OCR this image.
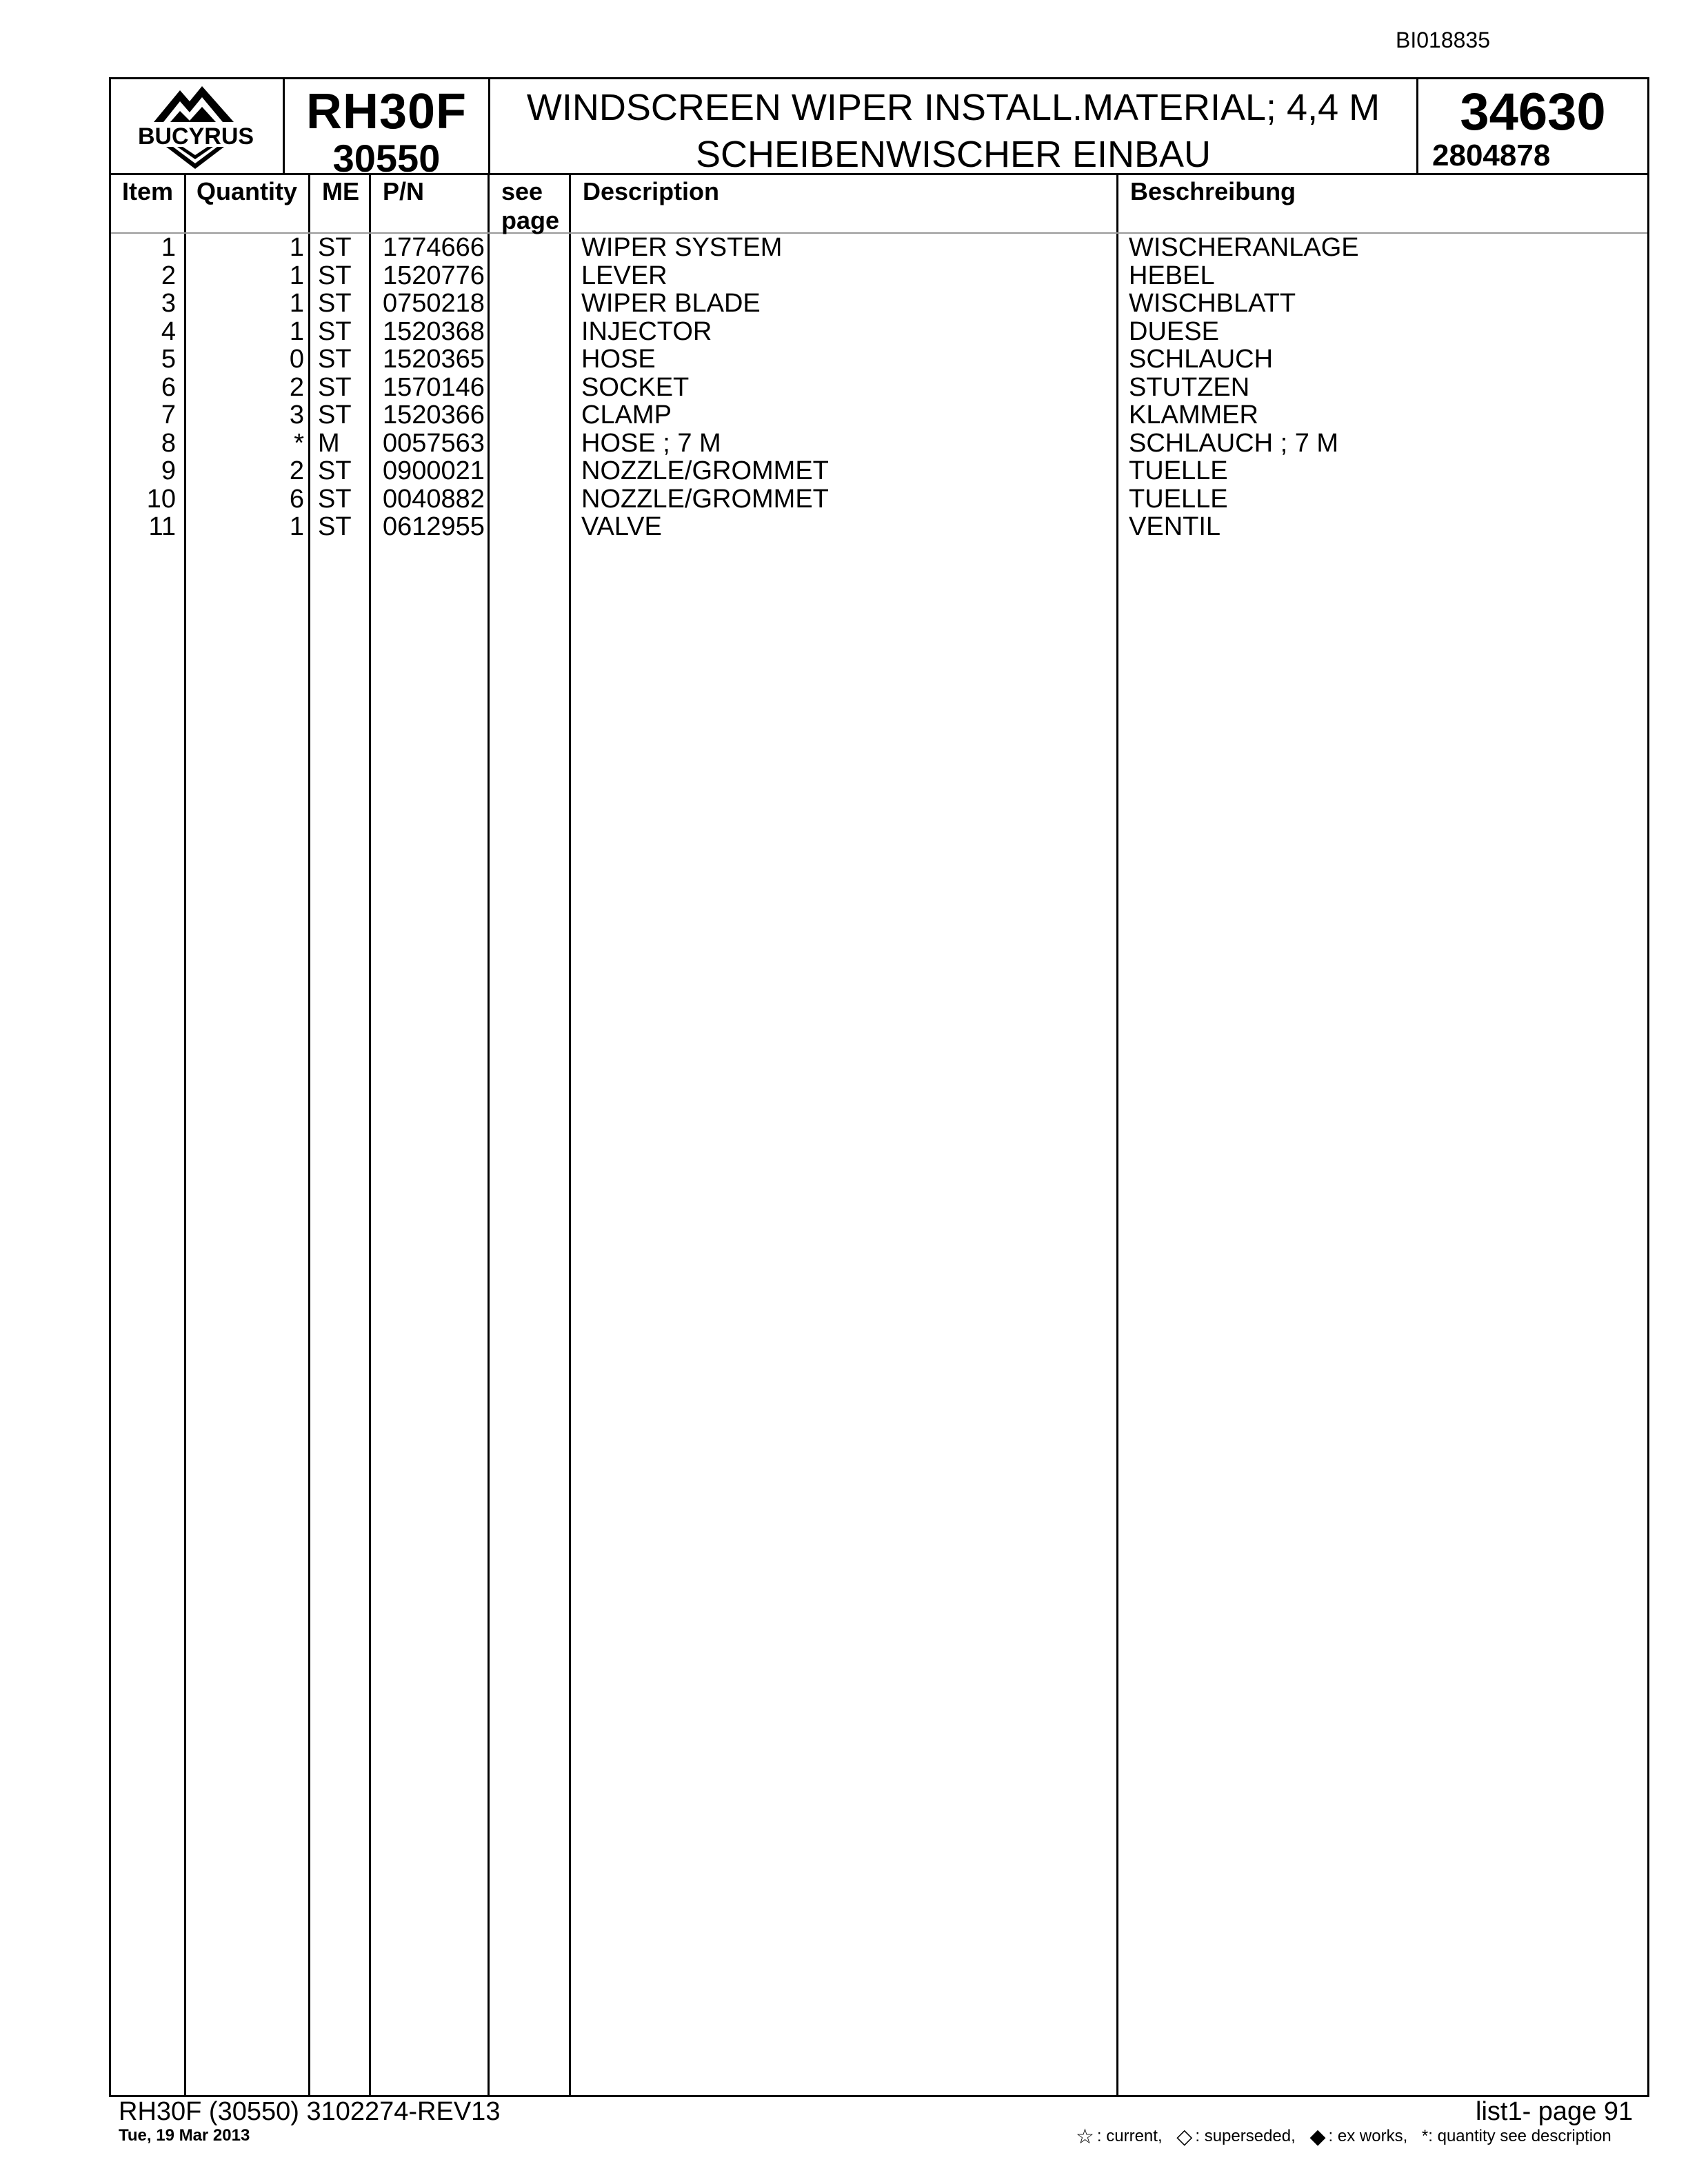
BI018835
BUCYRUS	RH30F
30550
WINDSCREEN WIPER INSTALL.MATERIAL; 4,4 M
SCHEIBENWISCHER EINBAU
34630
2804878
Item Quantity ME P/N	see
page
Description	Beschreibung
1	1 ST 1774666	WIPER SYSTEM	WISCHERANLAGE
2	1 ST 1520776	LEVER	HEBEL
3	1 ST 0750218	WIPER BLADE	WISCHBLATT
4	1 ST 1520368	INJECTOR	DUESE
5	0 ST 1520365	HOSE	SCHLAUCH
6	2 ST 1570146	SOCKET	STUTZEN
7	3 ST 1520366	CLAMP	KLAMMER
8	* M 0057563	HOSE ; 7 M	SCHLAUCH ; 7 M
9	2 ST 0900021	NOZZLE/GROMMET	TUELLE
10	6 ST 0040882	NOZZLE/GROMMET	TUELLE
11	1 ST 0612955	VALVE	VENTIL
RH30F (30550) 3102274-REV13
Tue, 19 Mar 2013
list1- page 91
☆ : current, ◇ : superseded, ◆ : ex works, *: quantity see description
